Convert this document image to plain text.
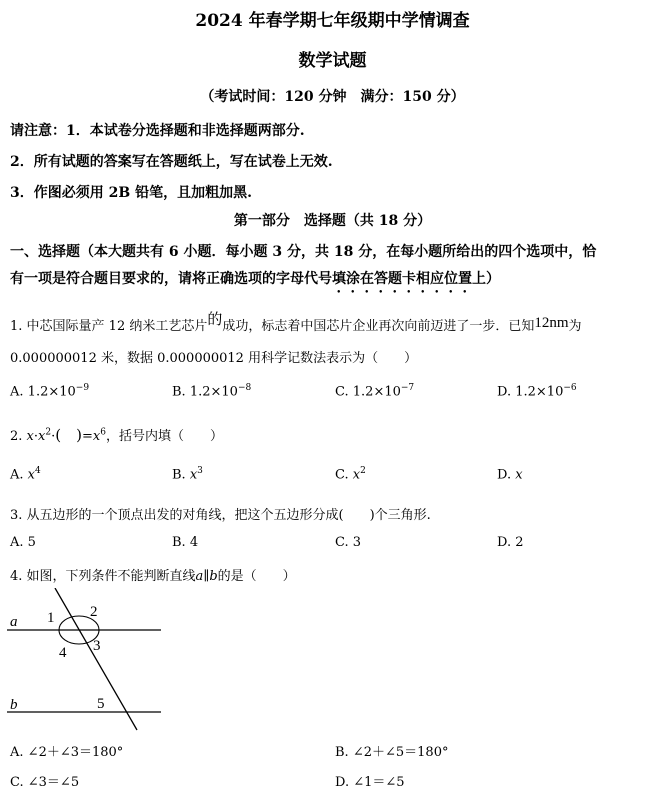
2024 年春学期七年级期中学情调查
数学试题
（考试时间：120 分钟　满分：150 分）
请注意：1．本试卷分选择题和非选择题两部分.
2．所有试题的答案写在答题纸上，写在试卷上无效.
3．作图必须用 2B 铅笔，且加粗加黑.
第一部分　选择题（共 18 分）
一、选择题（本大题共有 6 小题．每小题 3 分，共 18 分，在每小题所给出的四个选项中，恰
有一项是符合题目要求的，请将正确选项的字母代号填涂在答题卡相应位置上）
1. 中芯国际量产 12 纳米工艺芯片的成功，标志着中国芯片企业再次向前迈进了一步．已知12nm为
0.000000012 米，数据 0.000000012 用科学记数法表示为（　　）
A. $1.2\times 10^{-9}$	B. $1.2\times 10^{-8}$	C. $1.2\times 10^{-7}$	D. $1.2\times 10^{-6}$
2. $x\cdot x^2\cdot$(　)$=x^6$，括号内填（　　）
A. $x^4$	B. $x^3$	C. $x^2$	D. x
3. 从五边形的一个顶点出发的对角线，把这个五边形分成(　　)个三角形.
A. 5	B. 4	C. 3	D. 2
4. 如图，下列条件不能判断直线a∥b的是（　　）
a
b
1 2
3
4
5
A. ∠2＋∠3＝180°	B. ∠2＋∠5＝180°
C. ∠3＝∠5	D. ∠1＝∠5
